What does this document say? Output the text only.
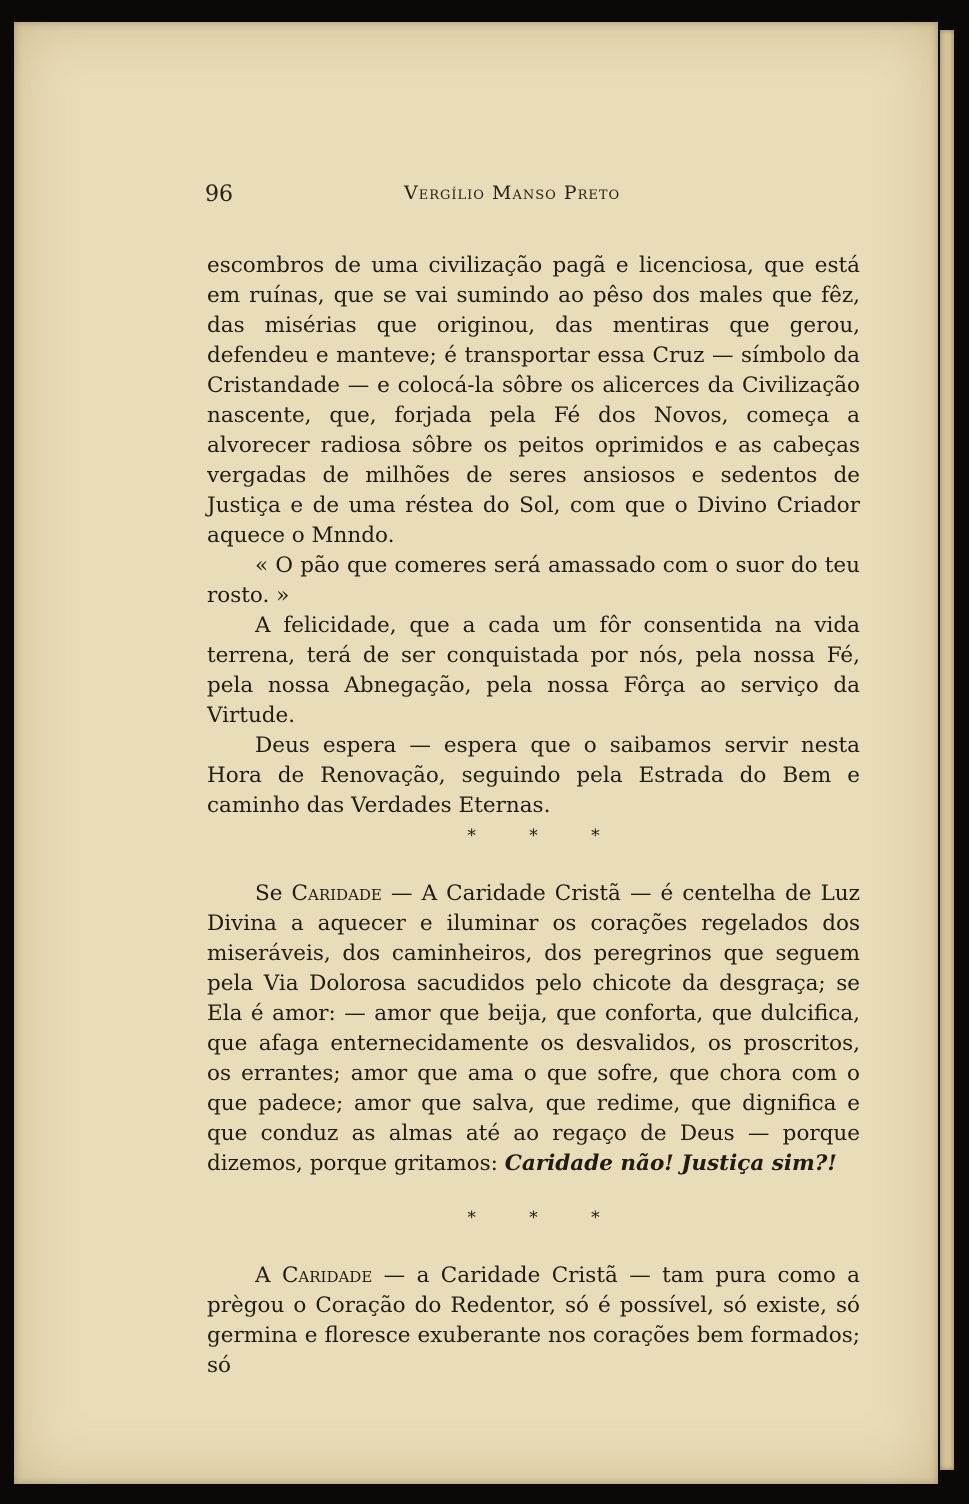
96	Vergílio Manso Preto

escombros de uma civilização pagã e licenciosa, que está em ruínas, que se vai sumindo ao pêso dos males que fêz, das misérias que originou, das mentiras que gerou, defendeu e manteve; é transportar essa Cruz — símbolo da Cristandade — e colocá-la sôbre os alicerces da Civilização nascente, que, forjada pela Fé dos Novos, começa a alvorecer radiosa sôbre os peitos oprimidos e as cabeças vergadas de milhões de seres ansiosos e sedentos de Justiça e de uma réstea do Sol, com que o Divino Criador aquece o Mnndo.

« O pão que comeres será amassado com o suor do teu rosto. »

A felicidade, que a cada um fôr consentida na vida terrena, terá de ser conquistada por nós, pela nossa Fé, pela nossa Abnegação, pela nossa Fôrça ao serviço da Virtude.

Deus espera — espera que o saibamos servir nesta Hora de Renovação, seguindo pela Estrada do Bem e caminho das Verdades Eternas.

* * *

Se Caridade — A Caridade Cristã — é centelha de Luz Divina a aquecer e iluminar os corações regelados dos miseráveis, dos caminheiros, dos peregrinos que seguem pela Via Dolorosa sacudidos pelo chicote da desgraça; se Ela é amor: — amor que beija, que conforta, que dulcifica, que afaga enternecidamente os desvalidos, os proscritos, os errantes; amor que ama o que sofre, que chora com o que padece; amor que salva, que redime, que dignifica e que conduz as almas até ao regaço de Deus — porque dizemos, porque gritamos: Caridade não! Justiça sim?!

* * *

A Caridade — a Caridade Cristã — tam pura como a prègou o Coração do Redentor, só é possível, só existe, só germina e floresce exuberante nos corações bem formados; só
